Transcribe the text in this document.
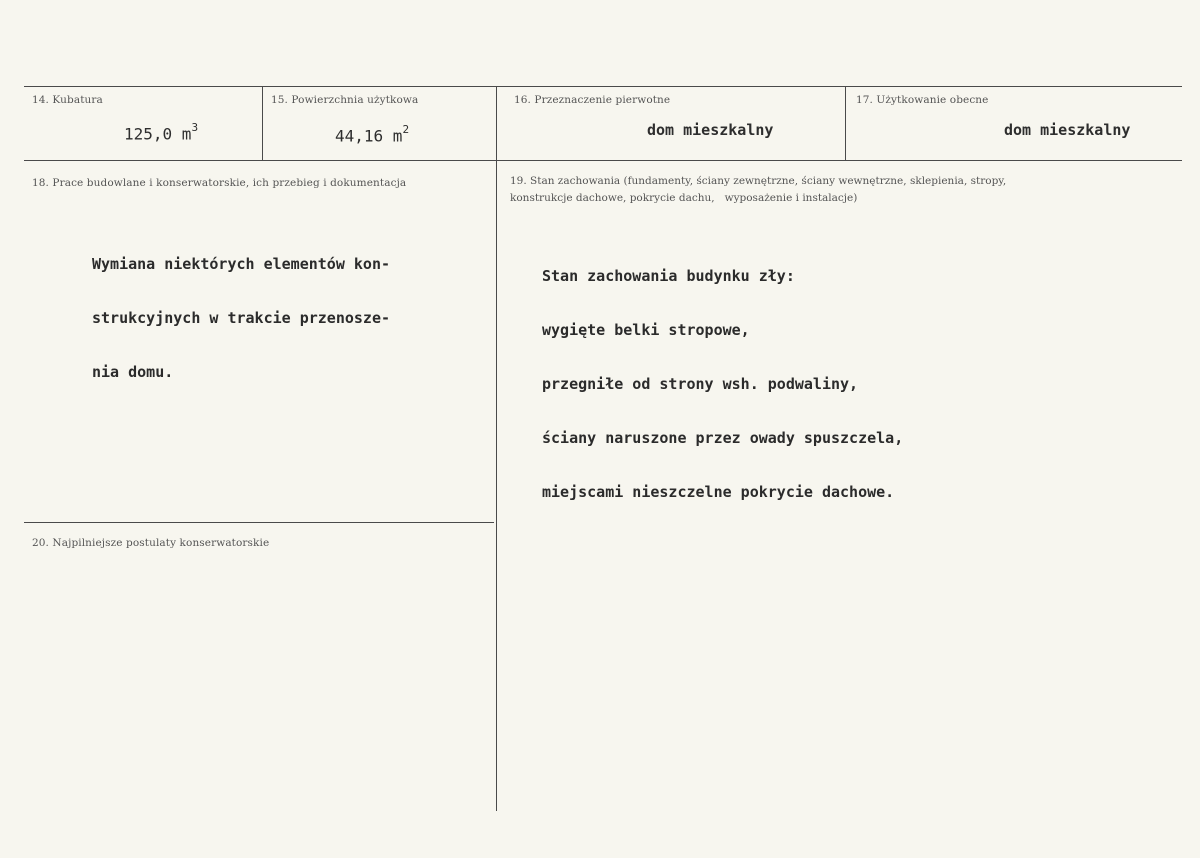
14. Kubatura
125,0 $m^3$
15. Powierzchnia użytkowa
44,16 $m^2$
16. Przeznaczenie pierwotne
dom mieszkalny
17. Użytkowanie obecne
dom mieszkalny
18. Prace budowlane i konserwatorskie, ich przebieg i dokumentacja

Wymiana niektórych elementów kon-

strukcyjnych w trakcie przenosze-

nia domu.

19. Stan zachowania (fundamenty, ściany zewnętrzne, ściany wewnętrzne, sklepienia, stropy,
konstrukcje dachowe, pokrycie dachu,   wyposażenie i instalacje)

Stan zachowania budynku zły:

wygięte belki stropowe,

przegniłe od strony wsh. podwaliny,

ściany naruszone przez owady spuszczela,

miejscami nieszczelne pokrycie dachowe.

20. Najpilniejsze postulaty konserwatorskie
